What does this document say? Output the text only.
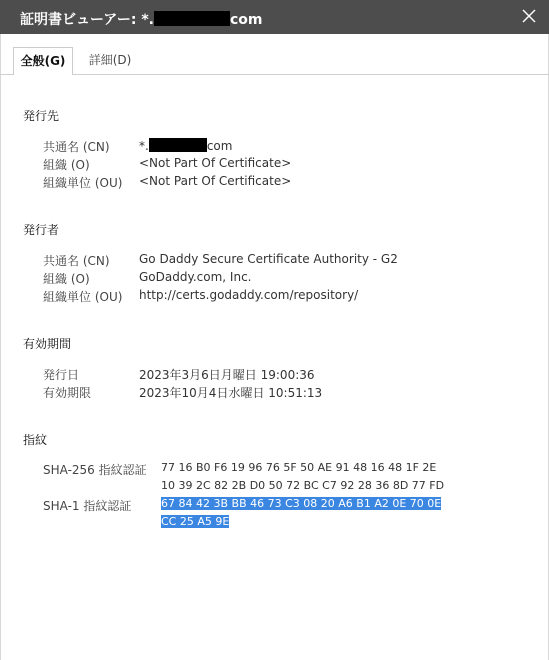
証明書ビューアー: *.	com
全般(G)	詳細(D)
発行先
共通名 (CN) *.	com
組織 (O)	<Not Part Of Certificate>
組織単位 (OU) <Not Part Of Certificate>
発行者
共通名 (CN) Go Daddy Secure Certificate Authority - G2
組織 (O)	GoDaddy.com, Inc.
組織単位 (OU) http://certs.godaddy.com/repository/
有効期間
発行日	2023年3月6日月曜日 19:00:36
有効期限	2023年10月4日水曜日 10:51:13
指紋
SHA-256 指紋認証 77 16 B0 F6 19 96 76 5F 50 AE 91 48 16 48 1F 2E
10 39 2C 82 2B D0 50 72 BC C7 92 28 36 8D 77 FD
SHA-1 指紋認証	67 84 42 3B BB 46 73 C3 08 20 A6 B1 A2 0E 70 0E
CC 25 A5 9E
